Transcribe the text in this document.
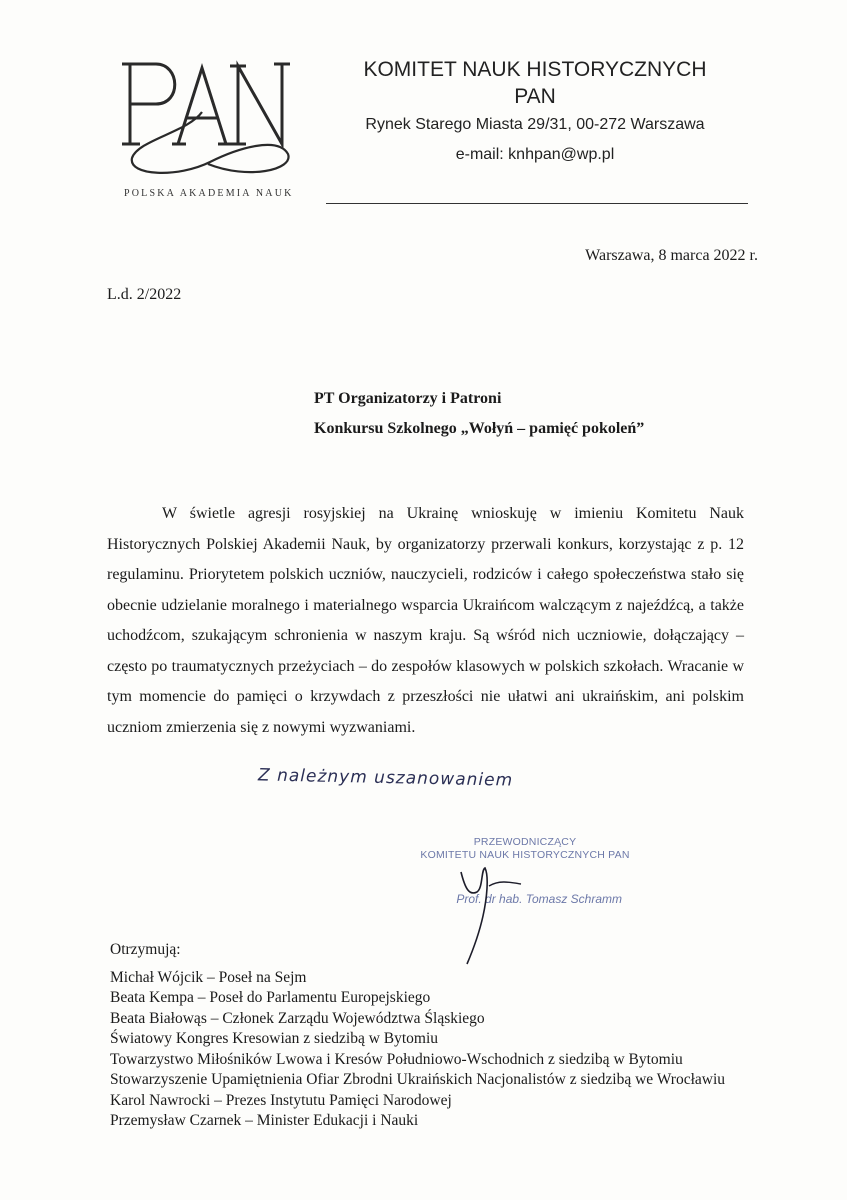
POLSKA AKADEMIA NAUK
KOMITET NAUK HISTORYCZNYCH
PAN
Rynek Starego Miasta 29/31, 00-272 Warszawa
e-mail: knhpan@wp.pl
Warszawa, 8 marca 2022 r.
L.d. 2/2022
PT Organizatorzy i Patroni
Konkursu Szkolnego „Wołyń – pamięć pokoleń”
W świetle agresji rosyjskiej na Ukrainę wnioskuję w imieniu Komitetu Nauk Historycznych Polskiej Akademii Nauk, by organizatorzy przerwali konkurs, korzystając z p. 12 regulaminu. Priorytetem polskich uczniów, nauczycieli, rodziców i całego społeczeństwa stało się obecnie udzielanie moralnego i materialnego wsparcia Ukraińcom walczącym z najeźdźcą, a także uchodźcom, szukającym schronienia w naszym kraju. Są wśród nich uczniowie, dołączający – często po traumatycznych przeżyciach – do zespołów klasowych w polskich szkołach. Wracanie w tym momencie do pamięci o krzywdach z przeszłości nie ułatwi ani ukraińskim, ani polskim uczniom zmierzenia się z nowymi wyzwaniami.
Z należnym uszanowaniem
PRZEWODNICZĄCY
KOMITETU NAUK HISTORYCZNYCH PAN
Prof. dr hab. Tomasz Schramm
Otrzymują:
Michał Wójcik – Poseł na Sejm
Beata Kempa – Poseł do Parlamentu Europejskiego
Beata Białowąs – Członek Zarządu Województwa Śląskiego
Światowy Kongres Kresowian z siedzibą w Bytomiu
Towarzystwo Miłośników Lwowa i Kresów Południowo-Wschodnich z siedzibą w Bytomiu
Stowarzyszenie Upamiętnienia Ofiar Zbrodni Ukraińskich Nacjonalistów z siedzibą we Wrocławiu
Karol Nawrocki – Prezes Instytutu Pamięci Narodowej
Przemysław Czarnek – Minister Edukacji i Nauki
